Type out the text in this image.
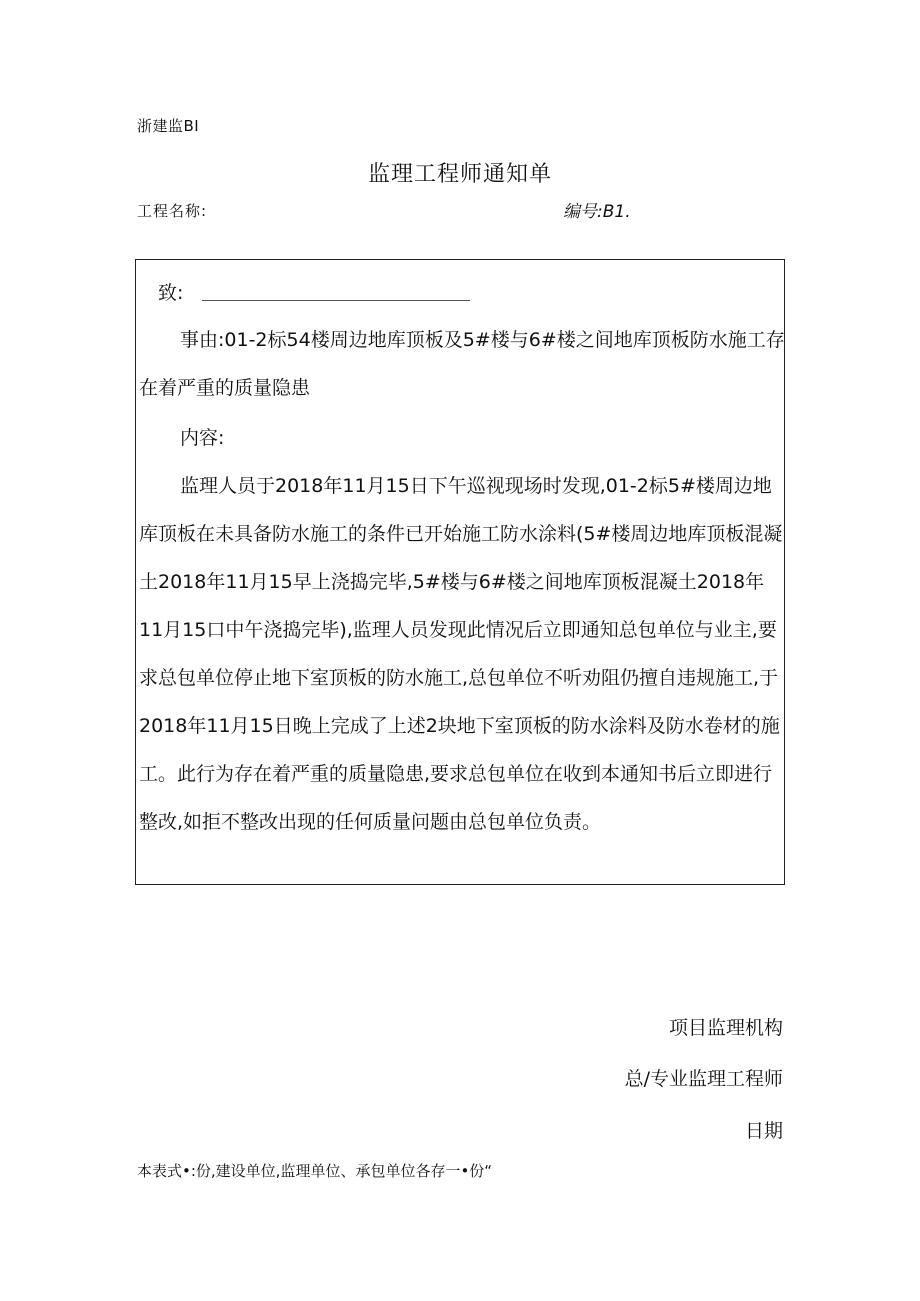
浙建监BI
监理工程师通知单
工程名称:	编号:B1.
致:

事由:01-2标54楼周边地库顶板及5#楼与6#楼之间地库顶板防水施工存在着严重的质量隐患

内容:

监理人员于2018年11月15日下午巡视现场时发现,01-2标5#楼周边地库顶板在未具备防水施工的条件已开始施工防水涂料(5#楼周边地库顶板混凝土2018年11月15早上浇捣完毕,5#楼与6#楼之间地库顶板混凝土2018年11月15口中午浇捣完毕),监理人员发现此情况后立即通知总包单位与业主,要求总包单位停止地下室顶板的防水施工,总包单位不听劝阻仍擅自违规施工,于2018年11月15日晚上完成了上述2块地下室顶板的防水涂料及防水卷材的施工。此行为存在着严重的质量隐患,要求总包单位在收到本通知书后立即进行整改,如拒不整改出现的任何质量问题由总包单位负责。

项目监理机构
总/专业监理工程师
日期
本表式•:份,建设单位,监理单位、承包单位各存一•份“
